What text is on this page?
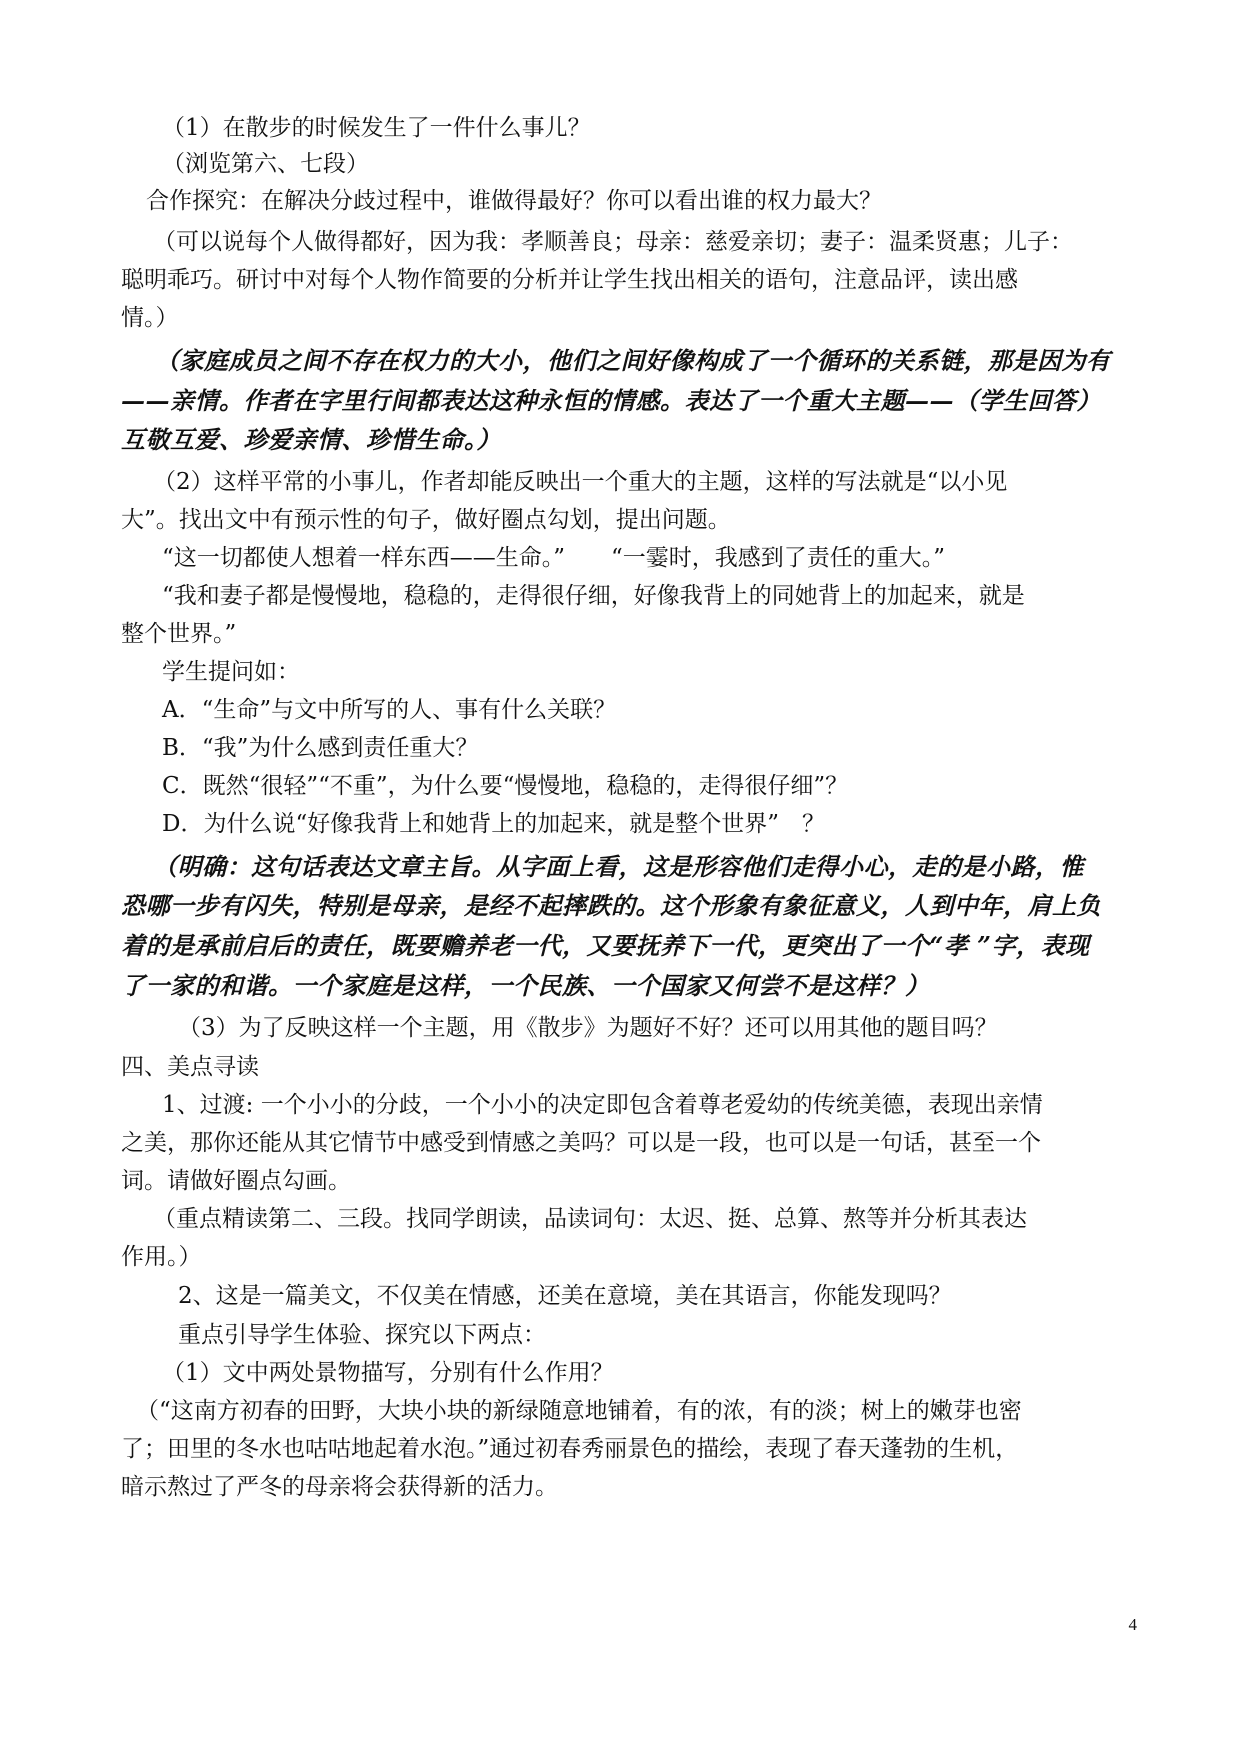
（1）在散步的时候发生了一件什么事儿？
（浏览第六、七段）
合作探究：在解决分歧过程中，谁做得最好？你可以看出谁的权力最大？
（可以说每个人做得都好，因为我：孝顺善良；母亲：慈爱亲切；妻子：温柔贤惠；儿子：
聪明乖巧。研讨中对每个人物作简要的分析并让学生找出相关的语句，注意品评，读出感
情。）
（家庭成员之间不存在权力的大小，他们之间好像构成了一个循环的关系链，那是因为有
——亲情。作者在字里行间都表达这种永恒的情感。表达了一个重大主题——（学生回答）
互敬互爱、珍爱亲情、珍惜生命。）
（2）这样平常的小事儿，作者却能反映出一个重大的主题，这样的写法就是“以小见
大”。找出文中有预示性的句子，做好圈点勾划，提出问题。
“这一切都使人想着一样东西——生命。”　　“一霎时，我感到了责任的重大。”
“我和妻子都是慢慢地，稳稳的，走得很仔细，好像我背上的同她背上的加起来，就是
整个世界。”
学生提问如：
A．“生命”与文中所写的人、事有什么关联？
B．“我”为什么感到责任重大？
C．既然“很轻”“不重”，为什么要“慢慢地，稳稳的，走得很仔细”？
D．为什么说“好像我背上和她背上的加起来，就是整个世界”　？
（明确：这句话表达文章主旨。从字面上看，这是形容他们走得小心，走的是小路，惟
恐哪一步有闪失，特别是母亲，是经不起摔跌的。这个形象有象征意义，人到中年，肩上负
着的是承前启后的责任，既要赡养老一代，又要抚养下一代，更突出了一个“孝 ”字，表现
了一家的和谐。一个家庭是这样，一个民族、一个国家又何尝不是这样？）
（3）为了反映这样一个主题，用《散步》为题好不好？还可以用其他的题目吗？
四、美点寻读
1、过渡: 一个小小的分歧，一个小小的决定即包含着尊老爱幼的传统美德，表现出亲情
之美，那你还能从其它情节中感受到情感之美吗？可以是一段，也可以是一句话，甚至一个
词。请做好圈点勾画。
（重点精读第二、三段。找同学朗读，品读词句：太迟、挺、总算、熬等并分析其表达
作用。）
2、这是一篇美文，不仅美在情感，还美在意境，美在其语言，你能发现吗？
重点引导学生体验、探究以下两点：
（1）文中两处景物描写，分别有什么作用？
（“这南方初春的田野，大块小块的新绿随意地铺着，有的浓，有的淡；树上的嫩芽也密
了；田里的冬水也咕咕地起着水泡。”通过初春秀丽景色的描绘，表现了春天蓬勃的生机，
暗示熬过了严冬的母亲将会获得新的活力。
4
